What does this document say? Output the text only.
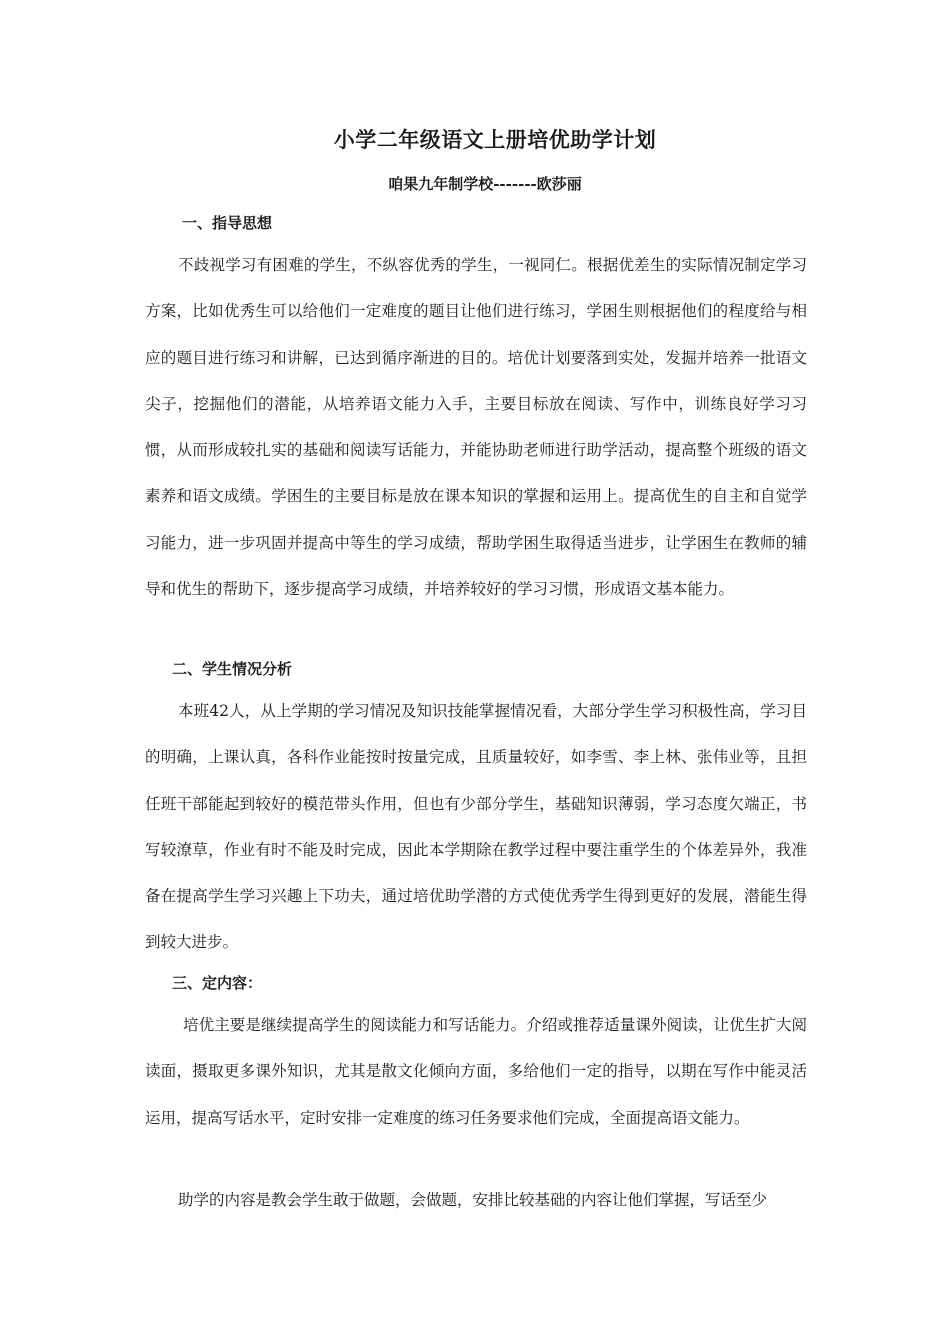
小学二年级语文上册培优助学计划
咱果九年制学校-------欧莎丽
一、指导思想
不歧视学习有困难的学生，不纵容优秀的学生，一视同仁。根据优差生的实际情况制定学习方案，比如优秀生可以给他们一定难度的题目让他们进行练习，学困生则根据他们的程度给与相应的题目进行练习和讲解，已达到循序渐进的目的。培优计划要落到实处，发掘并培养一批语文尖子，挖掘他们的潜能，从培养语文能力入手，主要目标放在阅读、写作中，训练良好学习习惯，从而形成较扎实的基础和阅读写话能力，并能协助老师进行助学活动，提高整个班级的语文素养和语文成绩。学困生的主要目标是放在课本知识的掌握和运用上。提高优生的自主和自觉学习能力，进一步巩固并提高中等生的学习成绩，帮助学困生取得适当进步，让学困生在教师的辅导和优生的帮助下，逐步提高学习成绩，并培养较好的学习习惯，形成语文基本能力。
二、学生情况分析
本班42人，从上学期的学习情况及知识技能掌握情况看，大部分学生学习积极性高，学习目的明确，上课认真，各科作业能按时按量完成，且质量较好，如李雪、李上林、张伟业等，且担任班干部能起到较好的模范带头作用，但也有少部分学生，基础知识薄弱，学习态度欠端正，书写较潦草，作业有时不能及时完成，因此本学期除在教学过程中要注重学生的个体差异外，我准备在提高学生学习兴趣上下功夫，通过培优助学潜的方式使优秀学生得到更好的发展，潜能生得到较大进步。
三、定内容：
培优主要是继续提高学生的阅读能力和写话能力。介绍或推荐适量课外阅读，让优生扩大阅读面，摄取更多课外知识，尤其是散文化倾向方面，多给他们一定的指导，以期在写作中能灵活运用，提高写话水平，定时安排一定难度的练习任务要求他们完成，全面提高语文能力。
助学的内容是教会学生敢于做题，会做题，安排比较基础的内容让他们掌握，写话至少
